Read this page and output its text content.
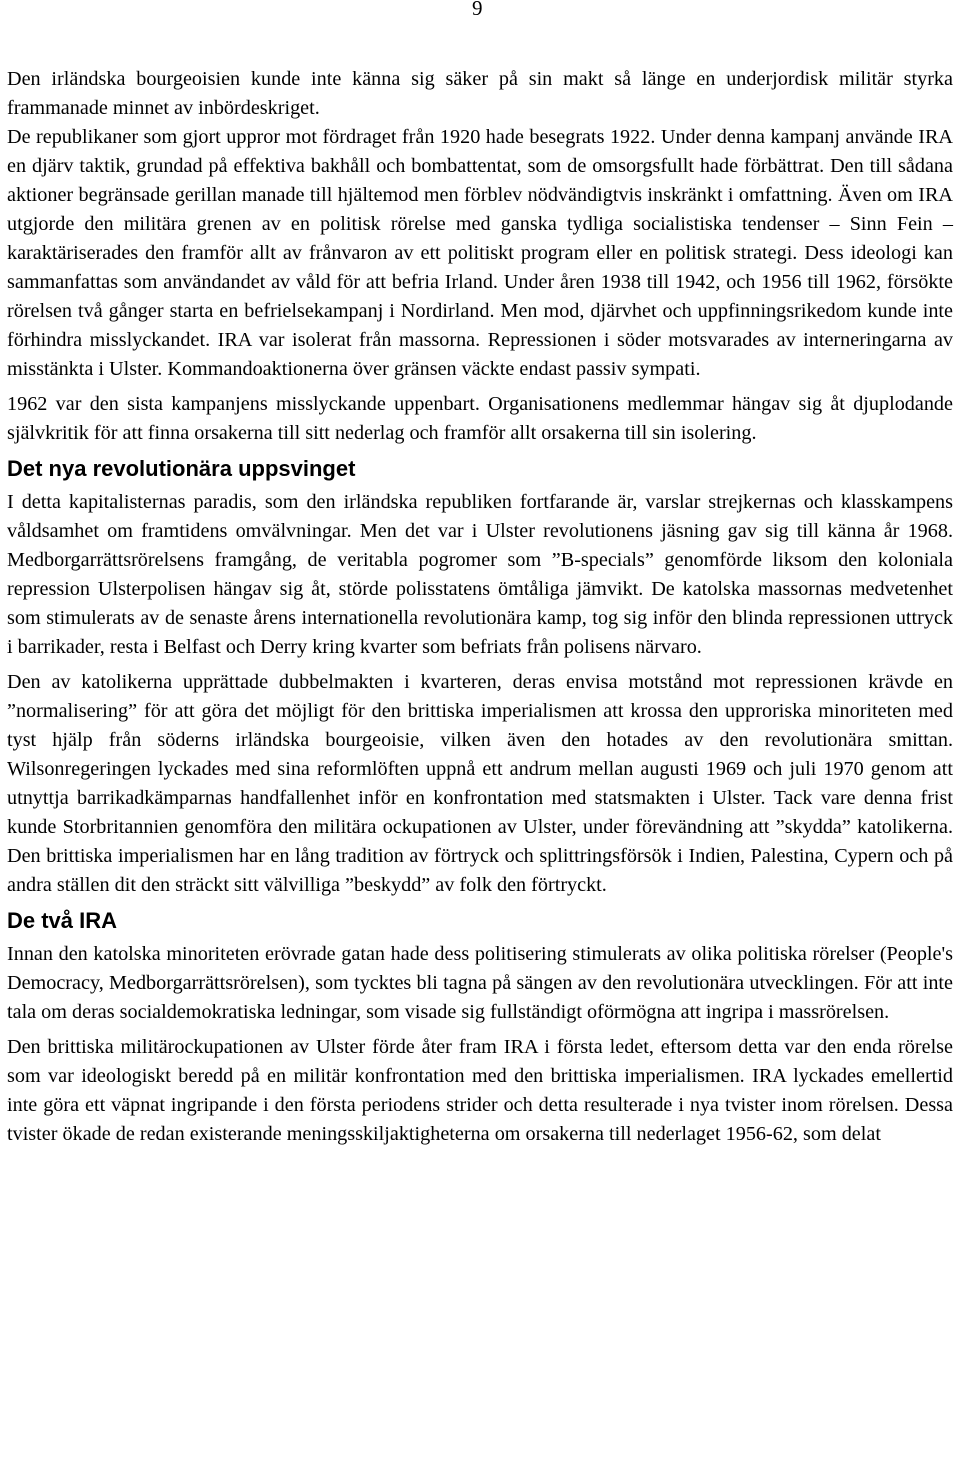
9

Den irländska bourgeoisien kunde inte känna sig säker på sin makt så länge en underjordisk militär styrka frammanade minnet av inbördeskriget.

De republikaner som gjort uppror mot fördraget från 1920 hade besegrats 1922. Under denna kampanj använde IRA en djärv taktik, grundad på effektiva bakhåll och bombattentat, som de omsorgsfullt hade förbättrat. Den till sådana aktioner begränsade gerillan manade till hjältemod men förblev nödvändigtvis inskränkt i omfattning. Även om IRA utgjorde den militära grenen av en politisk rörelse med ganska tydliga socialistiska tendenser – Sinn Fein – karaktäriserades den framför allt av frånvaron av ett politiskt program eller en politisk strategi. Dess ideologi kan sammanfattas som användandet av våld för att befria Irland. Under åren 1938 till 1942, och 1956 till 1962, försökte rörelsen två gånger starta en befrielsekampanj i Nordirland. Men mod, djärvhet och uppfinningsrikedom kunde inte förhindra misslyckandet. IRA var isolerat från massorna. Repressionen i söder motsvarades av interneringarna av misstänkta i Ulster. Kommandoaktionerna över gränsen väckte endast passiv sympati.

1962 var den sista kampanjens misslyckande uppenbart. Organisationens medlemmar hängav sig åt djuplodande självkritik för att finna orsakerna till sitt nederlag och framför allt orsakerna till sin isolering.

Det nya revolutionära uppsvinget

I detta kapitalisternas paradis, som den irländska republiken fortfarande är, varslar strejkernas och klasskampens våldsamhet om framtidens omvälvningar. Men det var i Ulster revolutionens jäsning gav sig till känna år 1968. Medborgarrättsrörelsens framgång, de veritabla pogromer som ”B-specials” genomförde liksom den koloniala repression Ulsterpolisen hängav sig åt, störde polisstatens ömtåliga jämvikt. De katolska massornas medvetenhet som stimulerats av de senaste årens internationella revolutionära kamp, tog sig inför den blinda repressionen uttryck i barrikader, resta i Belfast och Derry kring kvarter som befriats från polisens närvaro.

Den av katolikerna upprättade dubbelmakten i kvarteren, deras envisa motstånd mot repressionen krävde en ”normalisering” för att göra det möjligt för den brittiska imperialismen att krossa den upproriska minoriteten med tyst hjälp från söderns irländska bourgeoisie, vilken även den hotades av den revolutionära smittan. Wilsonregeringen lyckades med sina reformlöften uppnå ett andrum mellan augusti 1969 och juli 1970 genom att utnyttja barrikadkämparnas handfallenhet inför en konfrontation med statsmakten i Ulster. Tack vare denna frist kunde Storbritannien genomföra den militära ockupationen av Ulster, under förevändning att ”skydda” katolikerna. Den brittiska imperialismen har en lång tradition av förtryck och splittringsförsök i Indien, Palestina, Cypern och på andra ställen dit den sträckt sitt välvilliga ”beskydd” av folk den förtryckt.

De två IRA

Innan den katolska minoriteten erövrade gatan hade dess politisering stimulerats av olika politiska rörelser (People's Democracy, Medborgarrättsrörelsen), som tycktes bli tagna på sängen av den revolutionära utvecklingen. För att inte tala om deras socialdemokratiska ledningar, som visade sig fullständigt oförmögna att ingripa i massrörelsen.

Den brittiska militärockupationen av Ulster förde åter fram IRA i första ledet, eftersom detta var den enda rörelse som var ideologiskt beredd på en militär konfrontation med den brittiska imperialismen. IRA lyckades emellertid inte göra ett väpnat ingripande i den första periodens strider och detta resulterade i nya tvister inom rörelsen. Dessa tvister ökade de redan existerande meningsskiljaktigheterna om orsakerna till nederlaget 1956-62, som delat
